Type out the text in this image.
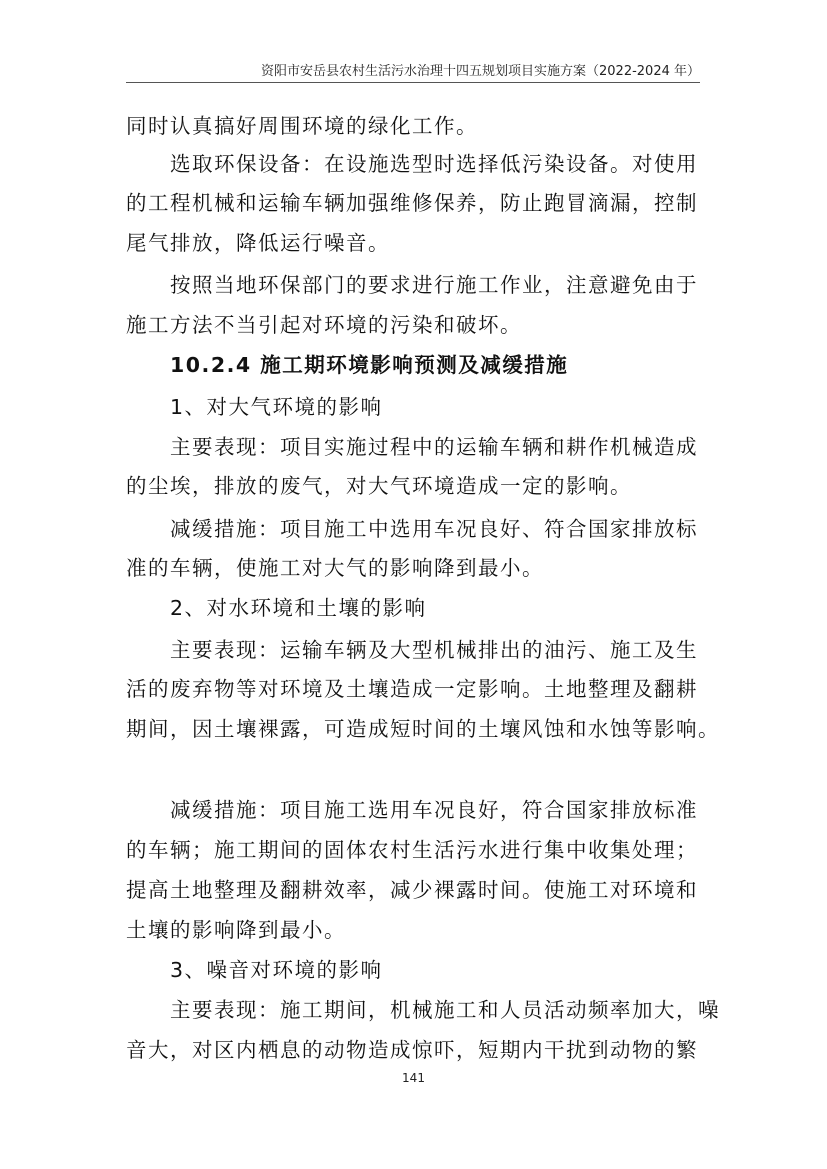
资阳市安岳县农村生活污水治理十四五规划项目实施方案（2022-2024 年）
同时认真搞好周围环境的绿化工作。
选取环保设备：在设施选型时选择低污染设备。对使用
的工程机械和运输车辆加强维修保养，防止跑冒滴漏，控制
尾气排放，降低运行噪音。
按照当地环保部门的要求进行施工作业，注意避免由于
施工方法不当引起对环境的污染和破坏。
10.2.4 施工期环境影响预测及减缓措施
1、对大气环境的影响
主要表现：项目实施过程中的运输车辆和耕作机械造成
的尘埃，排放的废气，对大气环境造成一定的影响。
减缓措施：项目施工中选用车况良好、符合国家排放标
准的车辆，使施工对大气的影响降到最小。
2、对水环境和土壤的影响
主要表现：运输车辆及大型机械排出的油污、施工及生
活的废弃物等对环境及土壤造成一定影响。土地整理及翻耕
期间，因土壤裸露，可造成短时间的土壤风蚀和水蚀等影响。
减缓措施：项目施工选用车况良好，符合国家排放标准
的车辆；施工期间的固体农村生活污水进行集中收集处理；
提高土地整理及翻耕效率，减少裸露时间。使施工对环境和
土壤的影响降到最小。
3、噪音对环境的影响
主要表现：施工期间，机械施工和人员活动频率加大，噪
音大，对区内栖息的动物造成惊吓，短期内干扰到动物的繁
141
